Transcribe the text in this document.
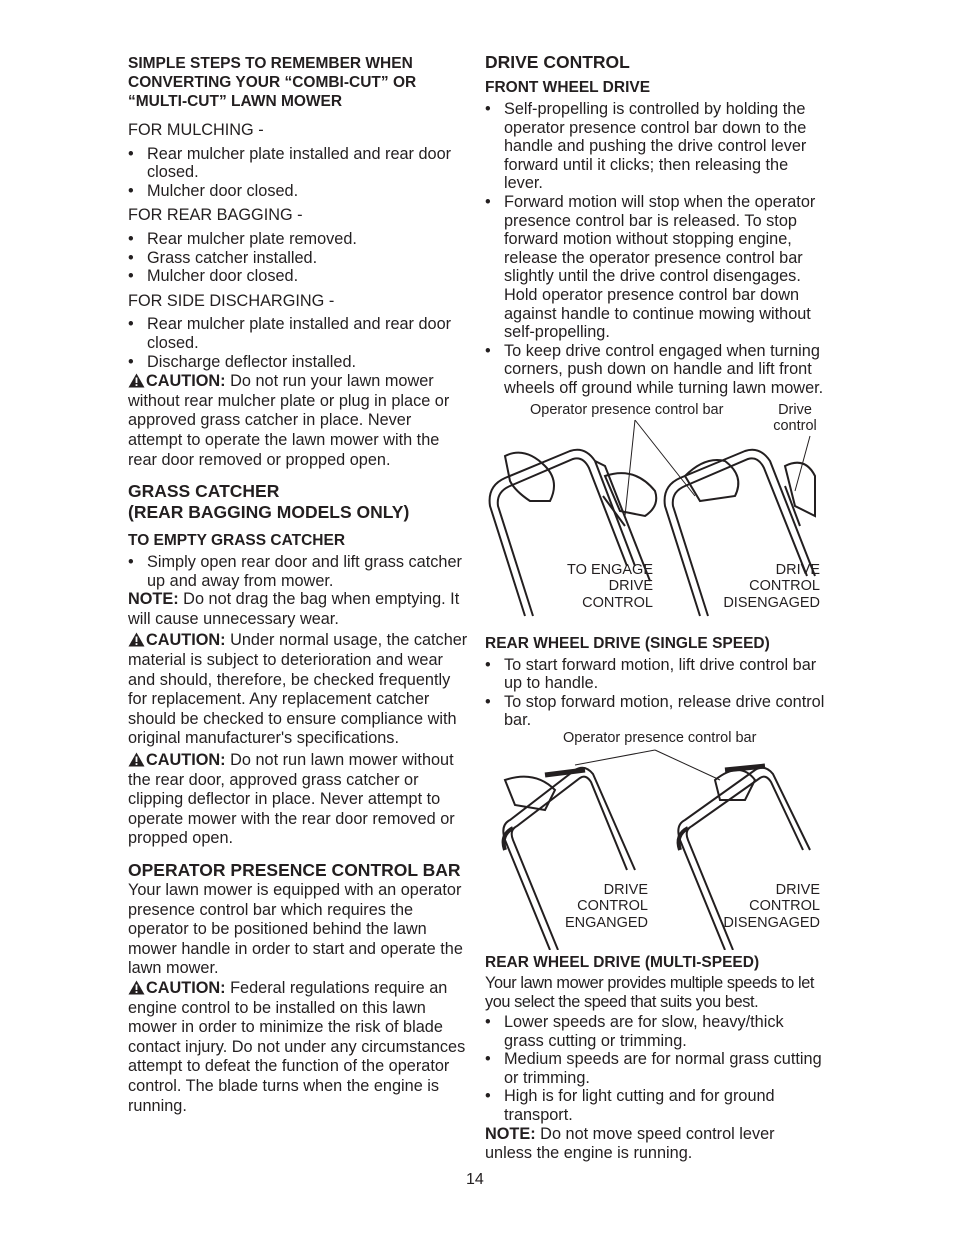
SIMPLE STEPS TO REMEMBER WHEN

CONVERTING YOUR “COMBI-CUT” OR

“MULTI-CUT” LAWN MOWER

FOR MULCHING -

• Rear mulcher plate installed and rear door closed.
• Mulcher door closed.

FOR REAR BAGGING -

• Rear mulcher plate removed.
• Grass catcher installed.
• Mulcher door closed.

FOR SIDE DISCHARGING -

• Rear mulcher plate installed and rear door closed.
• Discharge deflector installed.

CAUTION: Do not run your lawn mower without rear mulcher plate or plug in place or approved grass catcher in place. Never attempt to operate the lawn mower with the rear door removed or propped open.

GRASS CATCHER
(REAR BAGGING MODELS ONLY)

TO EMPTY GRASS CATCHER

• Simply open rear door and lift grass catcher up and away from mower.

NOTE: Do not drag the bag when emptying. It will cause unnecessary wear.

CAUTION: Under normal usage, the catcher material is subject to deterioration and wear and should, therefore, be checked frequently for replacement. Any replacement catcher should be checked to ensure compliance with original manufacturer's specifications.

CAUTION: Do not run lawn mower without the rear door, approved grass catcher or clipping deflector in place. Never attempt to operate mower with the rear door removed or propped open.

OPERATOR PRESENCE CONTROL BAR

Your lawn mower is equipped with an operator presence control bar which requires the operator to be positioned behind the lawn mower handle in order to start and operate the lawn mower.

CAUTION: Federal regulations require an engine control to be installed on this lawn mower in order to minimize the risk of blade contact injury. Do not under any circumstances attempt to defeat the function of the operator control. The blade turns when the engine is running.

DRIVE CONTROL

FRONT WHEEL DRIVE

• Self-propelling is controlled by holding the operator presence control bar down to the handle and pushing the drive control lever forward until it clicks; then releasing the lever.
• Forward motion will stop when the operator presence control bar is released. To stop forward motion without stopping engine, release the operator presence control bar slightly until the drive control disengages. Hold operator presence control bar down against handle to continue mowing without self-propelling.
• To keep drive control engaged when turning corners, push down on handle and lift front wheels off ground while turning lawn mower.
Operator presence control bar	Drive
control
TO ENGAGE
DRIVE
CONTROL
DRIVE
CONTROL
DISENGAGED

REAR WHEEL DRIVE (SINGLE SPEED)

• To start forward motion, lift drive control bar up to handle.
• To stop forward motion, release drive control bar.
Operator presence control bar
DRIVE
CONTROL
ENGANGED
DRIVE
CONTROL
DISENGAGED

REAR WHEEL DRIVE (MULTI-SPEED)

Your lawn mower provides multiple speeds to let you select the speed that suits you best.

• Lower speeds are for slow, heavy/thick grass cutting or trimming.
• Medium speeds are for normal grass cutting or trimming.
• High is for light cutting and for ground transport.

NOTE: Do not move speed control lever unless the engine is running.

14
